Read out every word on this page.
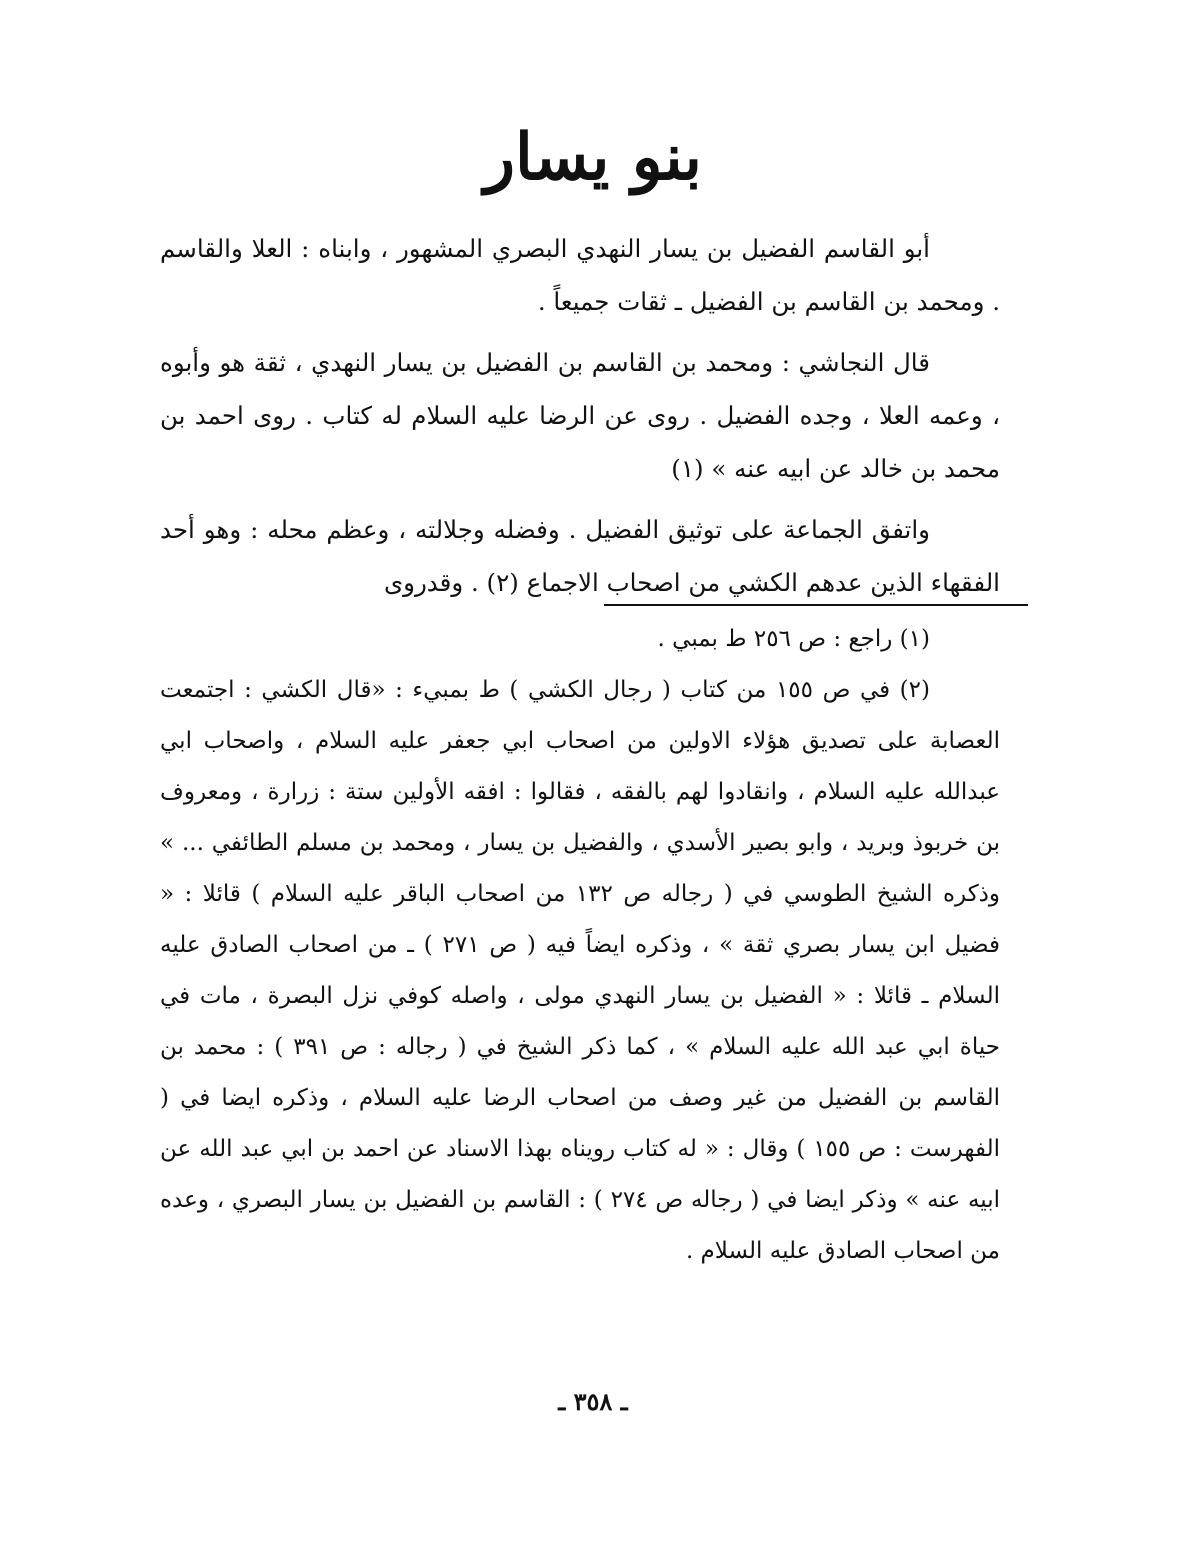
بنو يسار

أبو القاسم الفضيل بن يسار النهدي البصري المشهور ، وابناه : العلا والقاسم . ومحمد بن القاسم بن الفضيل ـ ثقات جميعاً .

قال النجاشي : ومحمد بن القاسم بن الفضيل بن يسار النهدي ، ثقة هو وأبوه ، وعمه العلا ، وجده الفضيل . روى عن الرضا عليه السلام له كتاب . روى احمد بن محمد بن خالد عن ابيه عنه » (١)

واتفق الجماعة على توثيق الفضيل . وفضله وجلالته ، وعظم محله : وهو أحد الفقهاء الذين عدهم الكشي من اصحاب الاجماع (٢) . وقدروى

(١) راجع : ص ٢٥٦ ط بمبي .

(٢) في ص ١٥٥ من كتاب ( رجال الكشي ) ط بمبيء : «قال الكشي : اجتمعت العصابة على تصديق هؤلاء الاولين من اصحاب ابي جعفر عليه السلام ، واصحاب ابي عبدالله عليه السلام ، وانقادوا لهم بالفقه ، فقالوا : افقه الأولين ستة : زرارة ، ومعروف بن خربوذ وبريد ، وابو بصير الأسدي ، والفضيل بن يسار ، ومحمد بن مسلم الطائفي ... » وذكره الشيخ الطوسي في ( رجاله ص ١٣٢ من اصحاب الباقر عليه السلام ) قائلا : « فضيل ابن يسار بصري ثقة » ، وذكره ايضاً فيه ( ص ٢٧١ ) ـ من اصحاب الصادق عليه السلام ـ قائلا : « الفضيل بن يسار النهدي مولى ، واصله كوفي نزل البصرة ، مات في حياة ابي عبد الله عليه السلام » ، كما ذكر الشيخ في ( رجاله : ص ٣٩١ ) : محمد بن القاسم بن الفضيل من غير وصف من اصحاب الرضا عليه السلام ، وذكره ايضا في ( الفهرست : ص ١٥٥ ) وقال : « له كتاب رويناه بهذا الاسناد عن احمد بن ابي عبد الله عن ابيه عنه » وذكر ايضا في ( رجاله ص ٢٧٤ ) : القاسم بن الفضيل بن يسار البصري ، وعده من اصحاب الصادق عليه السلام .

ـ ٣٥٨ ـ
